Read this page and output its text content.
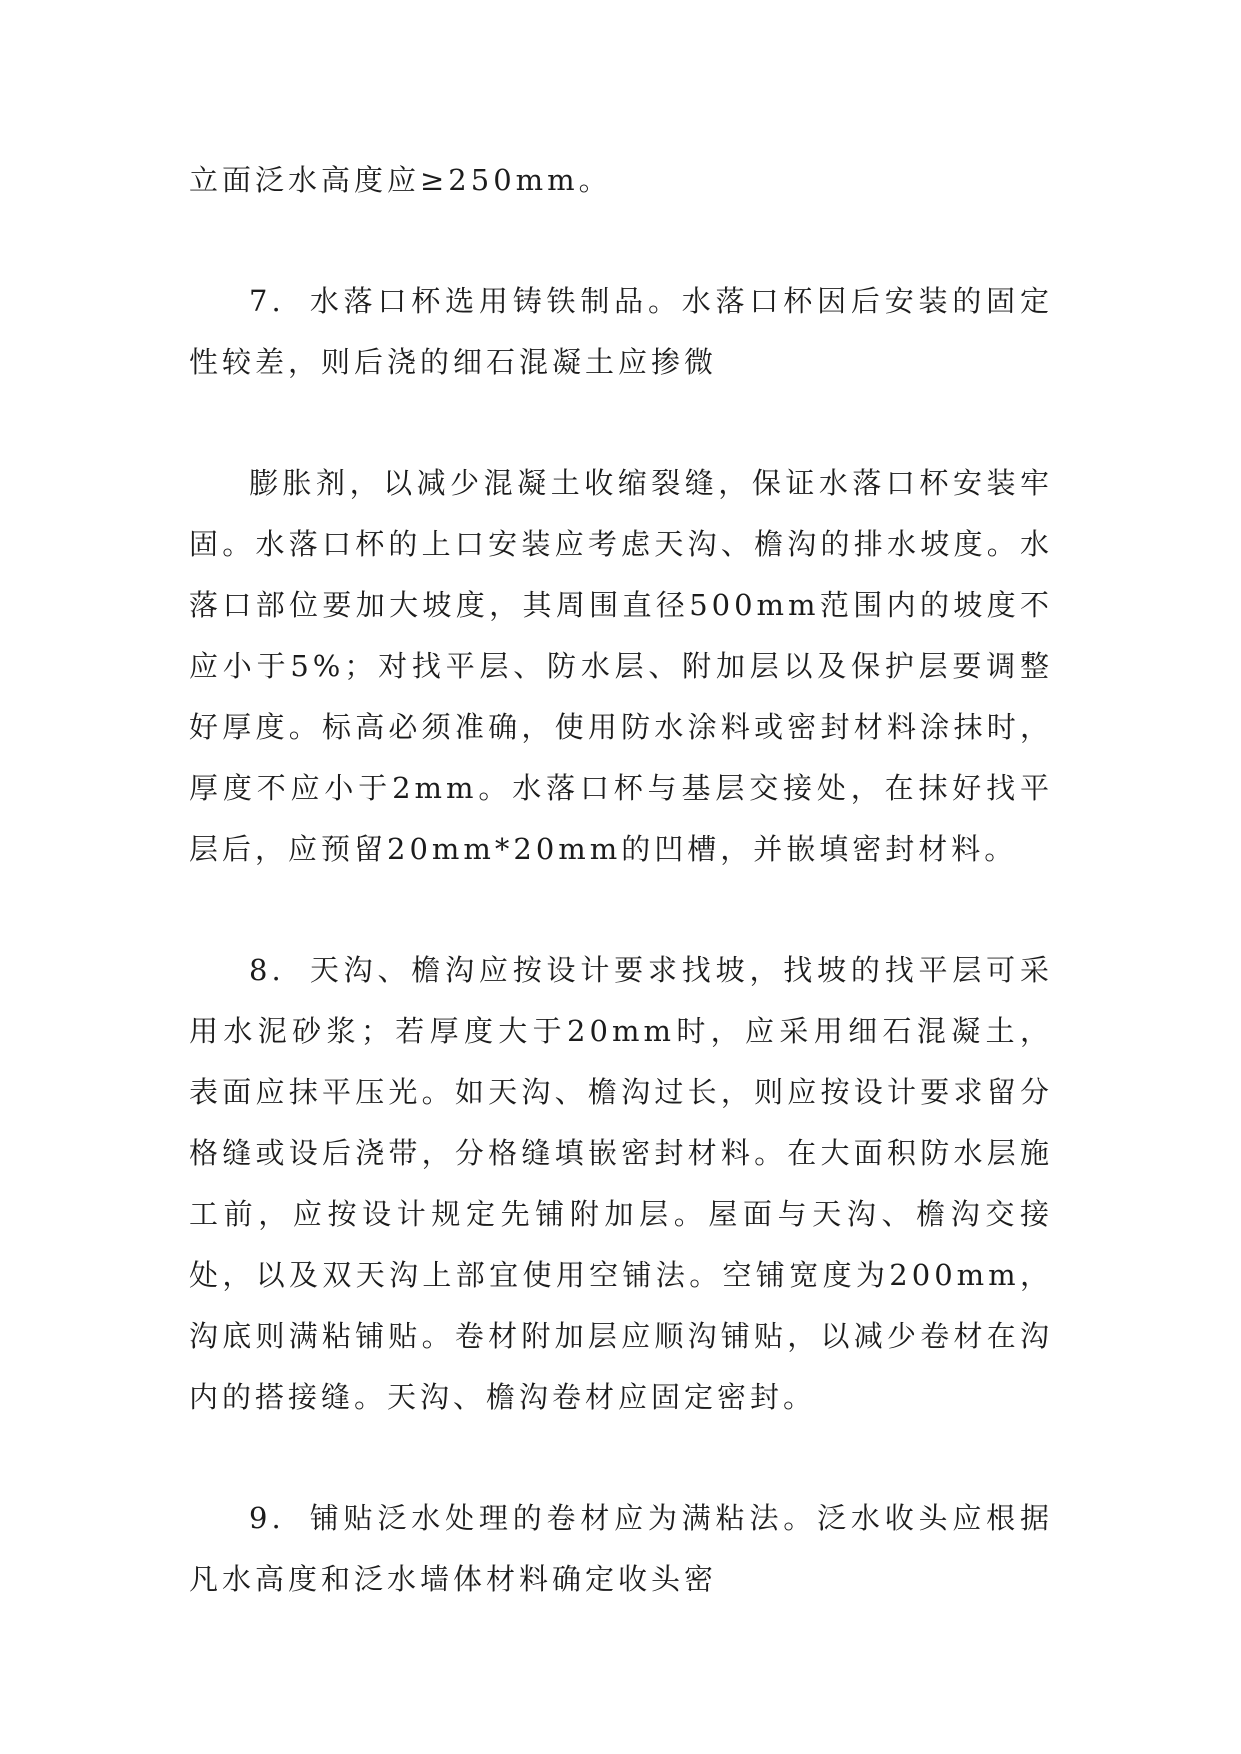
立面泛水高度应≥250mm。

7. 水落口杯选用铸铁制品。水落口杯因后安装的固定性较差，则后浇的细石混凝土应掺微

膨胀剂，以减少混凝土收缩裂缝，保证水落口杯安装牢固。水落口杯的上口安装应考虑天沟、檐沟的排水坡度。水落口部位要加大坡度，其周围直径500mm范围内的坡度不应小于5%；对找平层、防水层、附加层以及保护层要调整好厚度。标高必须准确，使用防水涂料或密封材料涂抹时，厚度不应小于2mm。水落口杯与基层交接处，在抹好找平层后，应预留20mm*20mm的凹槽，并嵌填密封材料。

8. 天沟、檐沟应按设计要求找坡，找坡的找平层可采用水泥砂浆；若厚度大于20mm时，应采用细石混凝土，表面应抹平压光。如天沟、檐沟过长，则应按设计要求留分格缝或设后浇带，分格缝填嵌密封材料。在大面积防水层施工前，应按设计规定先铺附加层。屋面与天沟、檐沟交接处，以及双天沟上部宜使用空铺法。空铺宽度为200mm，沟底则满粘铺贴。卷材附加层应顺沟铺贴，以减少卷材在沟内的搭接缝。天沟、檐沟卷材应固定密封。

9. 铺贴泛水处理的卷材应为满粘法。泛水收头应根据凡水高度和泛水墙体材料确定收头密
